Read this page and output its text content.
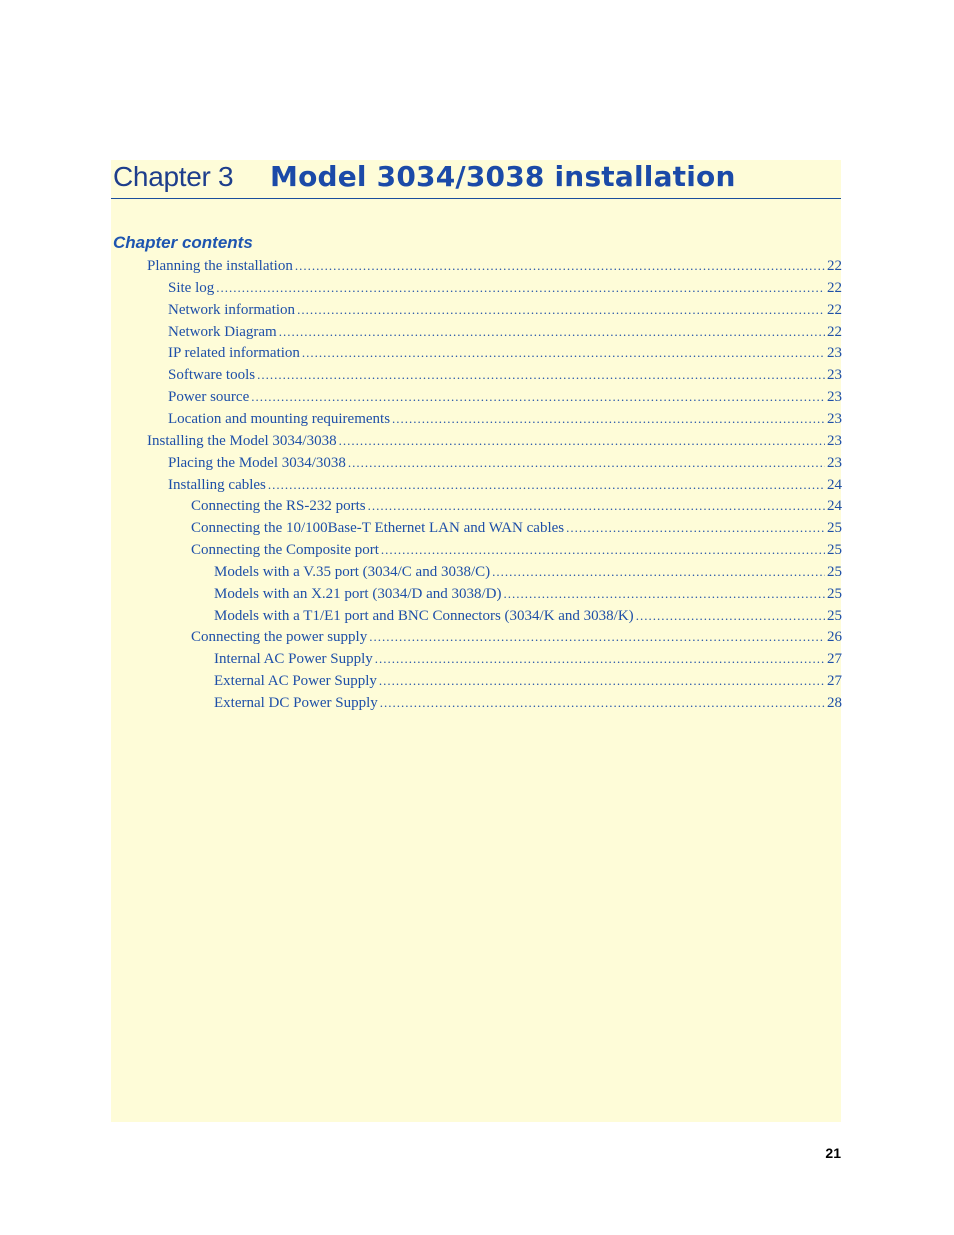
Chapter 3 Model 3034/3038 installation
Chapter contents
Planning the installation .....	22
Site log .....	22
Network information .....	22
Network Diagram .....	22
IP related information .....	23
Software tools .....	23
Power source .....	23
Location and mounting requirements .....	23
Installing the Model 3034/3038 .....	23
Placing the Model 3034/3038 .....	23
Installing cables .....	24
Connecting the RS-232 ports .....	24
Connecting the 10/100Base-T Ethernet LAN and WAN cables .....	25
Connecting the Composite port .....	25
Models with a V.35 port (3034/C and 3038/C) .....	25
Models with an X.21 port (3034/D and 3038/D) .....	25
Models with a T1/E1 port and BNC Connectors (3034/K and 3038/K) .....	25
Connecting the power supply .....	26
Internal AC Power Supply .....	27
External AC Power Supply .....	27
External DC Power Supply .....	28
21
